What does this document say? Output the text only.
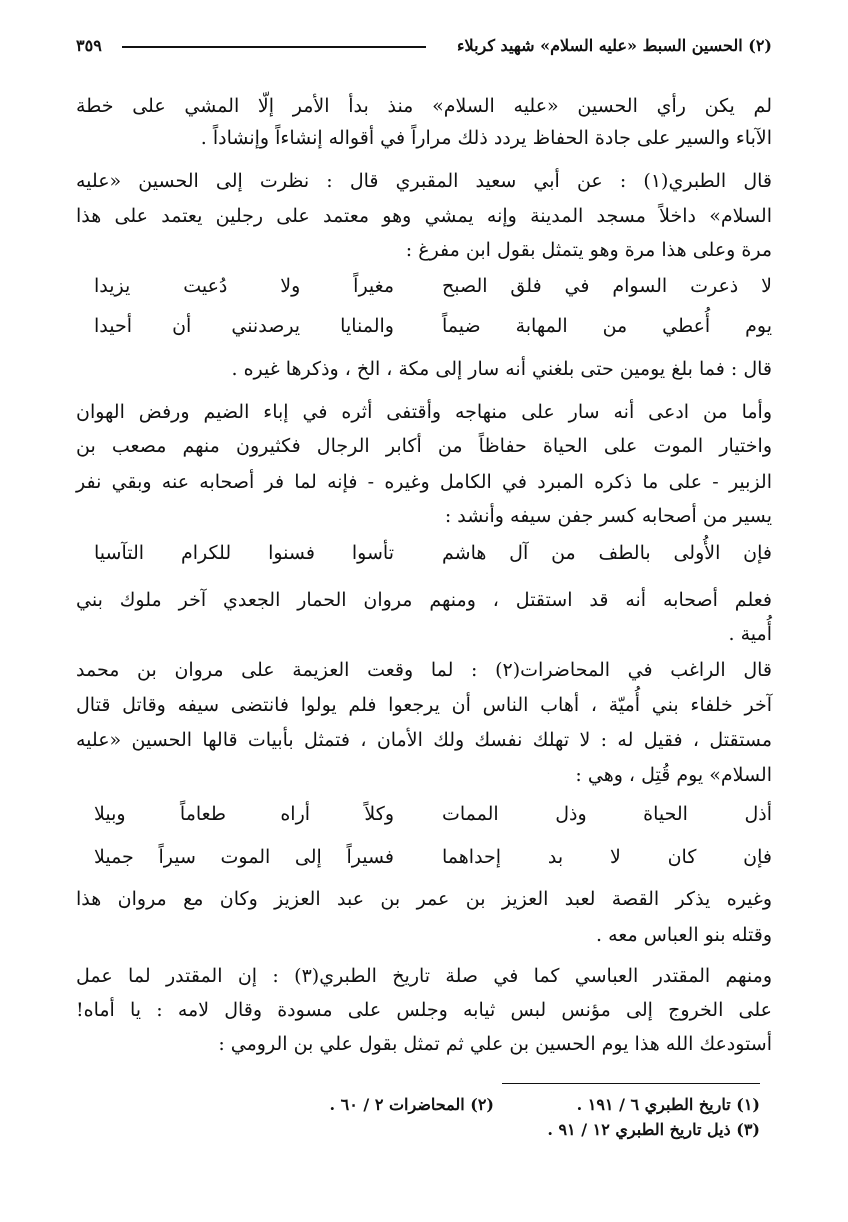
(٢) الحسين السبط «عليه السلام» شهيد كربلاء
٣٥٩
لم يكن رأي الحسين «عليه السلام» منذ بدأ الأمر إلّا المشي على خطة
الآباء والسير على جادة الحفاظ يردد ذلك مراراً في أقواله إنشاءاً وإنشاداً .
قال الطبري(١) : عن أبي سعيد المقبري قال : نظرت إلى الحسين «عليه
السلام» داخلاً مسجد المدينة وإنه يمشي وهو معتمد على رجلين يعتمد على هذا
مرة وعلى هذا مرة وهو يتمثل بقول ابن مفرغ :
لا ذعرت السوام في فلق الصبح
مغيراً ولا دُعيت يزيدا
يوم أُعطي من المهابة ضيماً
والمنايا يرصدنني أن أحيدا
قال : فما بلغ يومين حتى بلغني أنه سار إلى مكة ، الخ ، وذكرها غيره .
وأما من ادعى أنه سار على منهاجه وأقتفى أثره في إباء الضيم ورفض الهوان
واختيار الموت على الحياة حفاظاً من أكابر الرجال فكثيرون منهم مصعب بن
الزبير - على ما ذكره المبرد في الكامل وغيره - فإنه لما فر أصحابه عنه وبقي نفر
يسير من أصحابه كسر جفن سيفه وأنشد :
فإن الأُولى بالطف من آل هاشم
تأسوا فسنوا للكرام التآسيا
فعلم أصحابه أنه قد استقتل ، ومنهم مروان الحمار الجعدي آخر ملوك بني
أُمية .
قال الراغب في المحاضرات(٢) : لما وقعت العزيمة على مروان بن محمد
آخر خلفاء بني أُميّة ، أهاب الناس أن يرجعوا فلم يولوا فانتضى سيفه وقاتل قتال
مستقتل ، فقيل له : لا تهلك نفسك ولك الأمان ، فتمثل بأبيات قالها الحسين «عليه
السلام» يوم قُتِل ، وهي :
أذل الحياة وذل الممات
وكلاً أراه طعاماً وبيلا
فإن كان لا بد إحداهما
فسيراً إلى الموت سيراً جميلا
وغيره يذكر القصة لعبد العزيز بن عمر بن عبد العزيز وكان مع مروان هذا
وقتله بنو العباس معه .
ومنهم المقتدر العباسي كما في صلة تاريخ الطبري(٣) : إن المقتدر لما عمل
على الخروج إلى مؤنس لبس ثيابه وجلس على مسودة وقال لامه : يا أماه!
أستودعك الله هذا يوم الحسين بن علي ثم تمثل بقول علي بن الرومي :
(١) تاريخ الطبري ٦ / ١٩١ .
(٢) المحاضرات ٢ / ٦٠ .
(٣) ذيل تاريخ الطبري ١٢ / ٩١ .
